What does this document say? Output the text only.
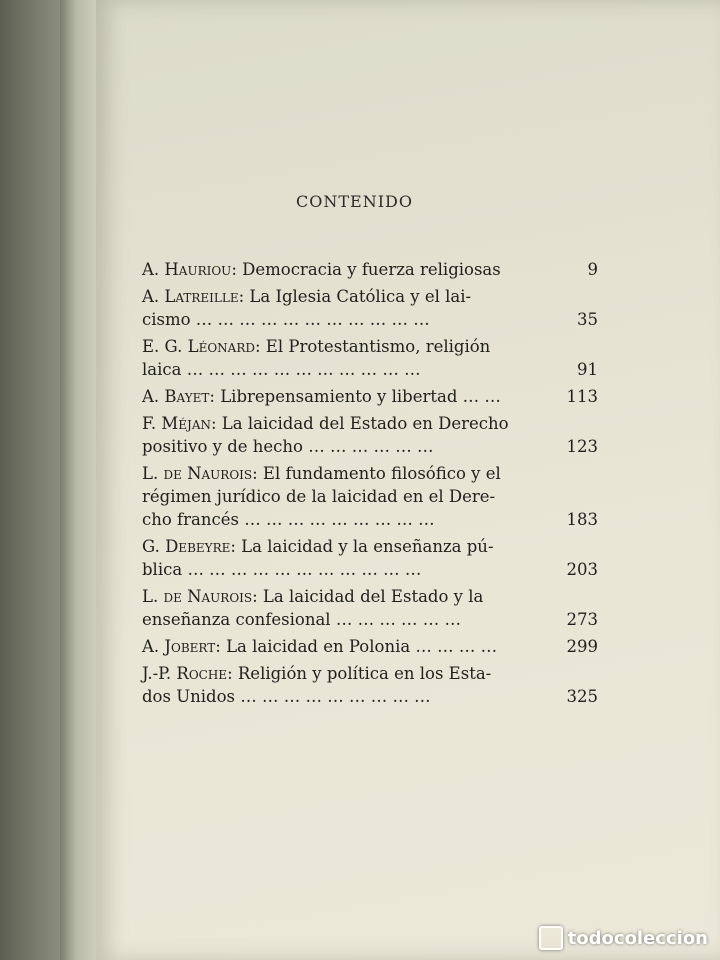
CONTENIDO
A. Hauriou: Democracia y fuerza religiosas	9
A. Latreille: La Iglesia Católica y el lai-
cismo … … … … … … … … … … …	35
E. G. Léonard: El Protestantismo, religión
laica … … … … … … … … … … …	91
A. Bayet: Librepensamiento y libertad … …	113
F. Méjan: La laicidad del Estado en Derecho
positivo y de hecho … … … … … …	123
L. de Naurois: El fundamento filosófico y el
régimen jurídico de la laicidad en el Dere-
cho francés … … … … … … … … …	183
G. Debeyre: La laicidad y la enseñanza pú-
blica … … … … … … … … … … …	203
L. de Naurois: La laicidad del Estado y la
enseñanza confesional … … … … … …	273
A. Jobert: La laicidad en Polonia … … … …	299
J.-P. Roche: Religión y política en los Esta-
dos Unidos … … … … … … … … …	325
todocoleccion
